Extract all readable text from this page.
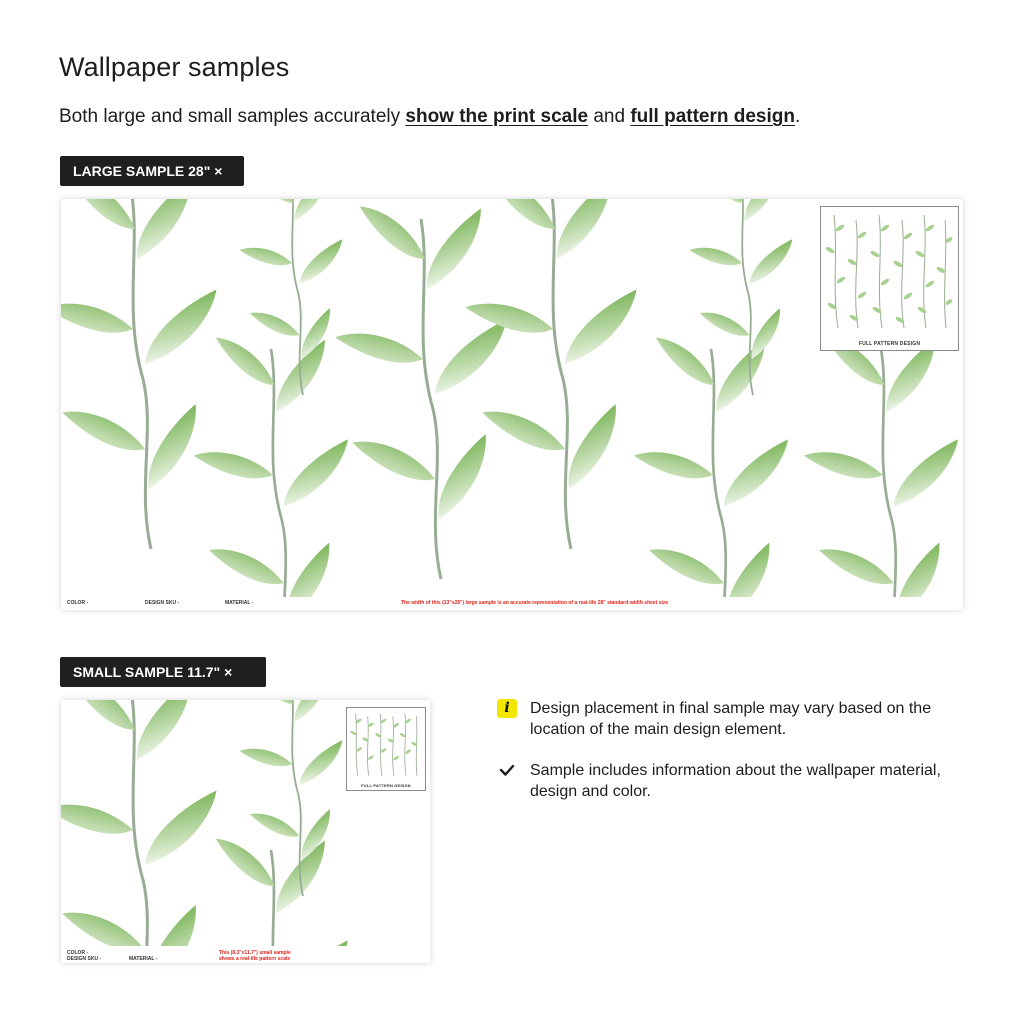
Wallpaper samples
Both large and small samples accurately show the print scale and full pattern design.
LARGE SAMPLE 28" ×
FULL PATTERN DESIGN
COLOR -	DESIGN SKU -	MATERIAL -	The width of this (13"x28") large sample is an accurate representation of a real-life 28" standard-width sheet size
SMALL SAMPLE 11.7" ×
FULL PATTERN DESIGN
COLOR -
DESIGN SKU -	MATERIAL -
This (8.3"x11.7") small sample
shows a real-life pattern scale
i	Design placement in final sample may vary based on the location of the main design element.
Sample includes information about the wallpaper material, design and color.
